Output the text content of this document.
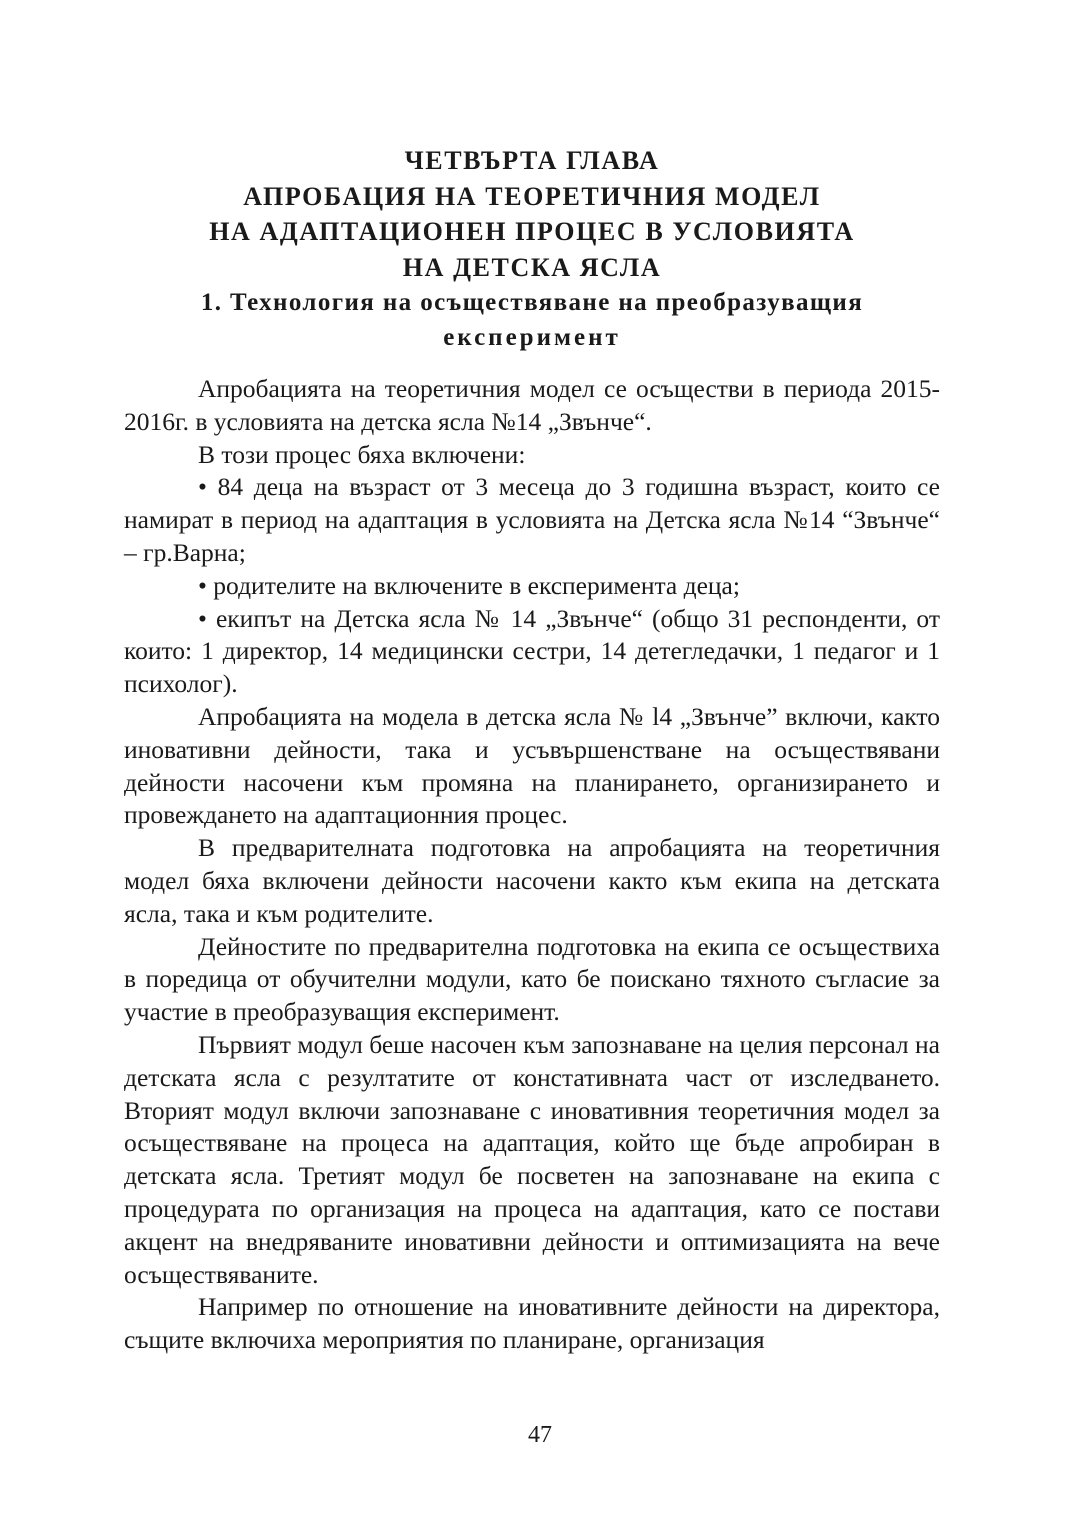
ЧЕТВЪРТА ГЛАВА

АПРОБАЦИЯ НА ТЕОРЕТИЧНИЯ МОДЕЛ

НА АДАПТАЦИОНЕН ПРОЦЕС В УСЛОВИЯТА

НА ДЕТСКА ЯСЛА

1. Технология на осъществяване на преобразуващия

експеримент

Апробацията на теоретичния модел се осъществи в периода 2015-2016г. в условията на детска ясла №14 „Звънче“.

В този процес бяха включени:

• 84 деца на възраст от 3 месеца до 3 годишна възраст, които се намират в период на адаптация в условията на Детска ясла №14 “Звънче“ – гр.Варна;

• родителите на включените в експеримента деца;

• екипът на Детска ясла № 14 „Звънче“ (общо 31 респонденти, от които: 1 директор, 14 медицински сестри, 14 детегледачки, 1 педагог и 1 психолог).

Апробацията на модела в детска ясла № l4 „Звънче” включи, както иновативни дейности, така и усъвършенстване на осъществявани дейности насочени към промяна на планирането, организирането и провеждането на адаптационния процес.

В предварителната подготовка на апробацията на теоретичния модел бяха включени дейности насочени както към екипа на детската ясла, така и към родителите.

Дейностите по предварителна подготовка на екипа се осъществиха в поредица от обучителни модули, като бе поискано тяхното съгласие за участие в преобразуващия експеримент.

Първият модул беше насочен към запознаване на целия персонал на детската ясла с резултатите от констативната част от изследването. Вторият модул включи запознаване с иновативния теоретичния модел за осъществяване на процеса на адаптация, който ще бъде апробиран в детската ясла. Третият модул бе посветен на запознаване на екипа с процедурата по организация на процеса на адаптация, като се постави акцент на внедряваните иновативни дейности и оптимизацията на вече осъществяваните.

Например по отношение на иновативните дейности на директора, същите включиха мероприятия по планиране, организация

47
